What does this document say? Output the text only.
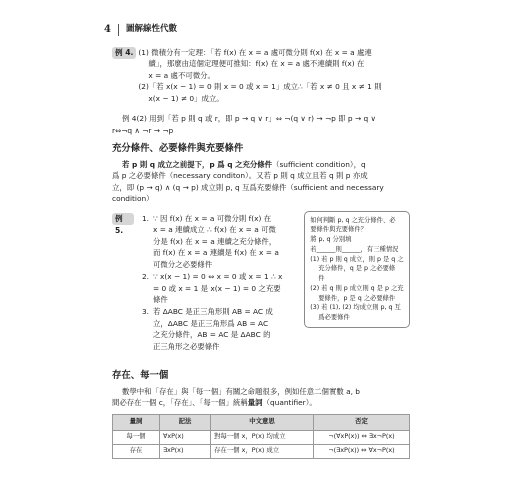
4 圖解線性代數
例 4. (1) 微積分有一定理：「若 f(x) 在 x = a 處可微分則 f(x) 在 x = a 處連

續」，那麼由這個定理便可推知：f(x) 在 x = a 處不連續則 f(x) 在

x = a 處不可微分。

(2)「若 x(x − 1) = 0 則 x = 0 或 x = 1」成立∴「若 x ≠ 0 且 x ≠ 1 則

x(x − 1) ≠ 0」成立。

例 4(2) 用到「若 p 則 q 或 r，即 p → q ∨ r」⇔ ¬(q ∨ r) → ¬p 即 p → q ∨

r⇔¬q ∧ ¬r → ¬p

充分條件、必要條件與充要條件

若 p 則 q 成立之前提下，p 爲 q 之充分條件（sufficient condition），q

爲 p 之必要條件（necessary conditon）。又若 p 則 q 成立且若 q 則 p 亦成

立，即 (p → q) ∧ (q → p) 成立則 p, q 互爲充要條件（sufficient and necessary

condition）

例 5.
1. ∵ 因 f(x) 在 x = a 可微分則 f(x) 在
x = a 連續成立 ∴ f(x) 在 x = a 可微
分是 f(x) 在 x = a 連續之充分條件，
而 f(x) 在 x = a 連續是 f(x) 在 x = a
可微分之必要條件
2. ∵ x(x − 1) = 0 ⇔ x = 0 或 x = 1 ∴ x
= 0 或 x = 1 是 x(x − 1) = 0 之充要
條件
3. 若 ΔABC 是正三角形則 AB = AC 成
立，ΔABC 是正三角形爲 AB = AC
之充分條件，AB = AC 是 ΔABC 的
正三角形之必要條件

如何判斷 p, q 之充分條件、必

要條件與充要條件？

將 p, q 分別填

若______則______，有三種情況

(1) 若 p 則 q 成立，則 p 是 q 之

充分條件，q 是 p 之必要條

件

(2) 若 q 則 p 成立則 q 是 p 之充

要條件，p 是 q 之必要條件

(3) 若 (1), (2) 均成立則 p, q 互

爲必要條件

存在、每一個

數學中和「存在」與「每一個」有關之命題很多，例如任意二個實數 a, b

間必存在一個 c，「存在」、「每一個」統稱量詞（quantifier）。

量詞	記法	中文意思	否定
每一個	∀xP(x)	對每一個 x，P(x) 均成立	¬(∀xP(x)) ⇔ ∃x¬P(x)
存在	∃xP(x)	存在一個 x，P(x) 成立	¬(∃xP(x)) ⇔ ∀x¬P(x)
